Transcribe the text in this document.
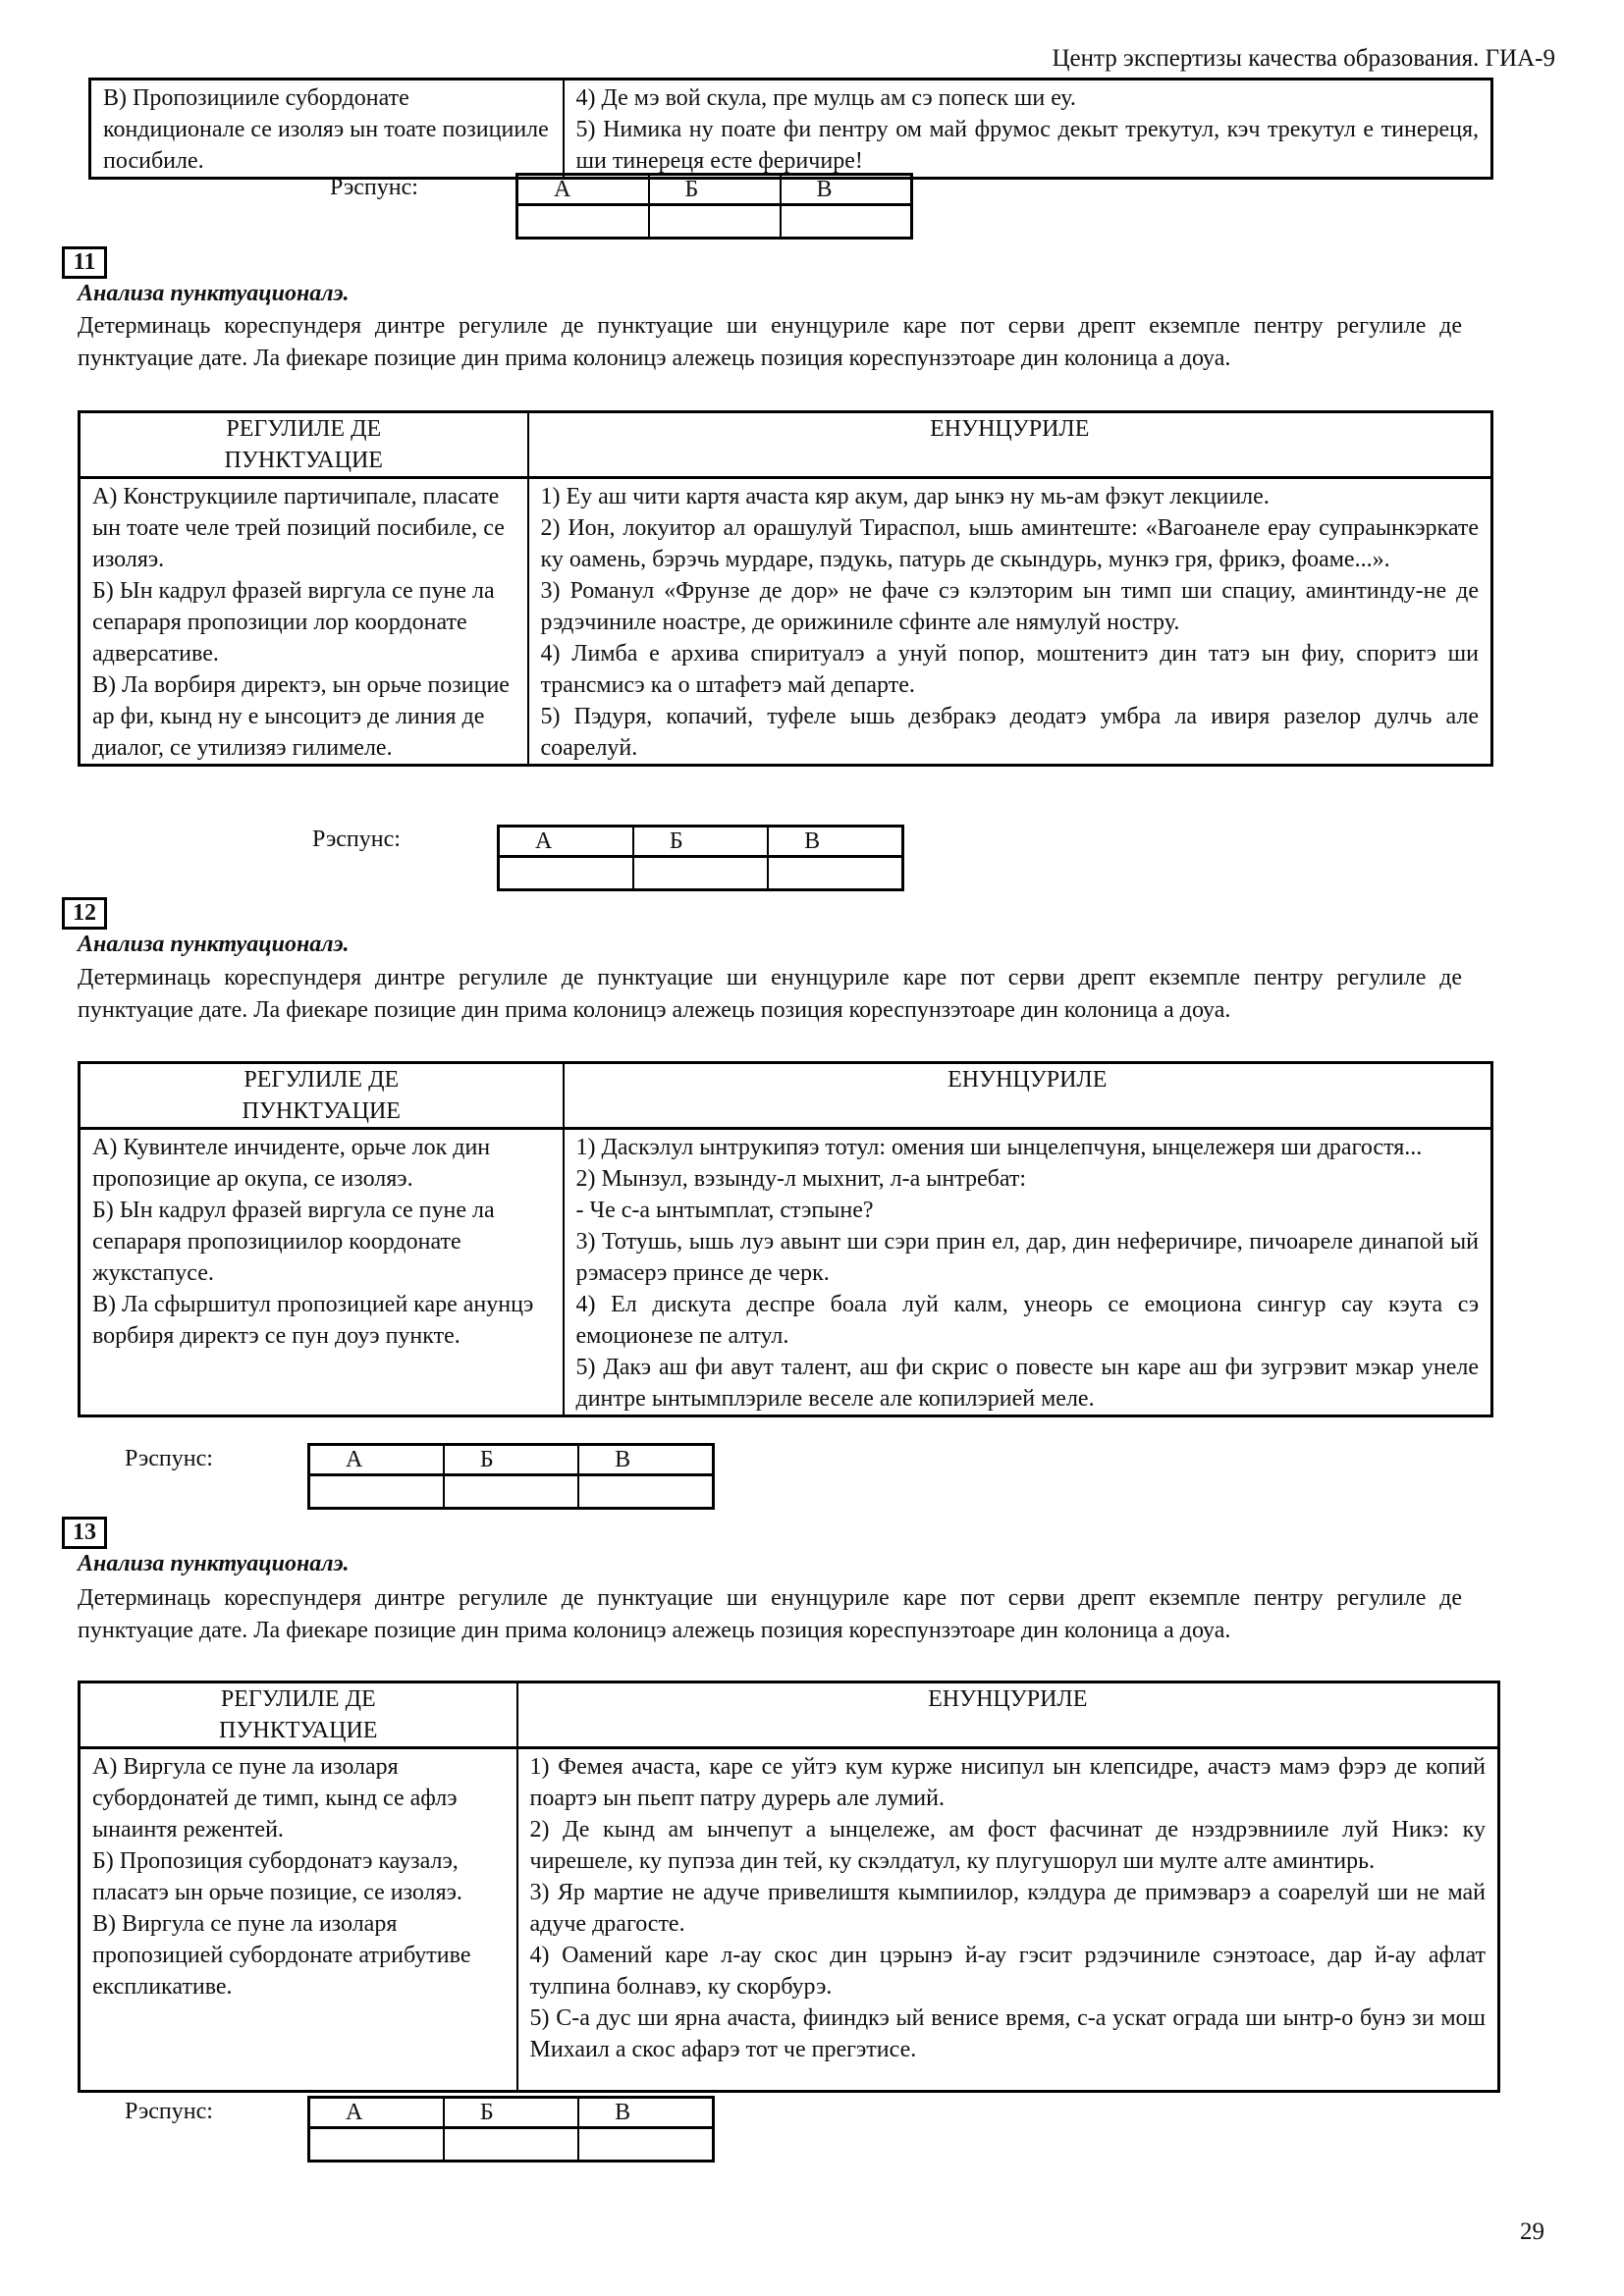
Центр экспертизы качества образования. ГИА-9
В) Пропозицииле субордонате кондиционале се изоляэ ын тоате позицииле посибиле.

4) Де мэ вой скула, пре мулць ам сэ попеск ши еу.
5) Нимика ну поате фи пентру ом май фрумос декыт трекутул, кэч трекутул е тинереця, ши тинереця есте феричире!
Рэспунс:	А	Б	В

11
Анализа пунктуационалэ.
Детерминаць кореспундеря динтре регулиле де пунктуацие ши енунцуриле каре пот серви дрепт екземпле пентру регулиле де пунктуацие дате. Ла фиекаре позицие дин прима колоницэ алежець позиция кореспунзэтоаре дин колоница а доуа.
РЕГУЛИЛЕ ДЕ ПУНКТУАЦИЕ	ЕНУНЦУРИЛЕ

А) Конструкцииле партичипале, пласате ын тоате челе трей позиций посибиле, се изоляэ.
Б) Ын кадрул фразей виргула се пуне ла сепараря пропозиции лор коордонате адверсативе.
В) Ла ворбиря директэ, ын орьче позицие ар фи, кынд ну е ынсоцитэ де линия де диалог, се утилизяэ гилимеле.

1) Еу аш чити картя ачаста кяр акум, дар ынкэ ну мь-ам фэкут лекцииле.
2) Ион, локуитор ал орашулуй Тираспол, ышь аминтеште: «Вагоанеле ерау супраынкэркате ку оамень, бэрэчь мурдаре, пэдукь, патурь де скындурь, мункэ гря, фрикэ, фоаме...».
3) Романул «Фрунзе де дор» не фаче сэ кэлэторим ын тимп ши спациу, аминтинду-не де рэдэчиниле ноастре, де орижиниле сфинте але нямулуй ностру.
4) Лимба е архива спиритуалэ а унуй попор, моштенитэ дин татэ ын фиу, споритэ ши трансмисэ ка о штафетэ май департе.
5) Пэдуря, копачий, туфеле ышь дезбракэ деодатэ умбра ла ивиря разелор дулчь але соарелуй.
Рэспунс:	А	Б	В

12
Анализа пунктуационалэ.
Детерминаць кореспундеря динтре регулиле де пунктуацие ши енунцуриле каре пот серви дрепт екземпле пентру регулиле де пунктуацие дате. Ла фиекаре позицие дин прима колоницэ алежець позиция кореспунзэтоаре дин колоница а доуа.
РЕГУЛИЛЕ ДЕ ПУНКТУАЦИЕ	ЕНУНЦУРИЛЕ

А) Кувинтеле инчиденте, орьче лок дин пропозицие ар окупа, се изоляэ.
Б) Ын кадрул фразей виргула се пуне ла сепараря пропозициилор коордонате жукстапусе.
В) Ла сфыршитул пропозицией каре анунцэ ворбиря директэ се пун доуэ пункте.

1) Даскэлул ынтрукипяэ тотул: омения ши ынцелепчуня, ынцележеря ши драгостя...
2) Мынзул, вэзынду-л мыхнит, л-а ынтребат:
- Че с-а ынтымплат, стэпыне?
3) Тотушь, ышь луэ авынт ши сэри прин ел, дар, дин неферичире, пичоареле динапой ый рэмасерэ принсе де черк.
4) Ел дискута деспре боала луй калм, унеорь се емоциона сингур сау кэута сэ емоционезе пе алтул.
5) Дакэ аш фи авут талент, аш фи скрис о повесте ын каре аш фи зугрэвит мэкар унеле динтре ынтымплэриле веселе але копилэрией меле.
Рэспунс:	А	Б	В

13
Анализа пунктуационалэ.
Детерминаць кореспундеря динтре регулиле де пунктуацие ши енунцуриле каре пот серви дрепт екземпле пентру регулиле де пунктуацие дате. Ла фиекаре позицие дин прима колоницэ алежець позиция кореспунзэтоаре дин колоница а доуа.
РЕГУЛИЛЕ ДЕ ПУНКТУАЦИЕ	ЕНУНЦУРИЛЕ

А) Виргула се пуне ла изоларя субордонатей де тимп, кынд се афлэ ынаинтя режентей.
Б) Пропозиция субордонатэ каузалэ, пласатэ ын орьче позицие, се изоляэ.
В) Виргула се пуне ла изоларя пропозицией субордонате атрибутиве експликативе.

1) Фемея ачаста, каре се уйтэ кум курже нисипул ын клепсидре, ачастэ мамэ фэрэ де копий поартэ ын пьепт патру дурерь але лумий.
2) Де кынд ам ынчепут а ынцележе, ам фост фасчинат де нэздрэвнииле луй Никэ: ку чирешеле, ку пупэза дин тей, ку скэлдатул, ку плугушорул ши мулте алте аминтирь.
3) Яр мартие не адуче привелиштя кымпиилор, кэлдура де примэварэ а соарелуй ши не май адуче драгосте.
4) Оамений каре л-ау скос дин цэрынэ й-ау гэсит рэдэчиниле сэнэтоасе, дар й-ау афлат тулпина болнавэ, ку скорбурэ.
5) С-а дус ши ярна ачаста, фииндкэ ый венисе время, с-а ускат ограда ши ынтр-о бунэ зи мош Михаил а скос афарэ тот че прегэтисе.
Рэспунс:	А	Б	В

29
